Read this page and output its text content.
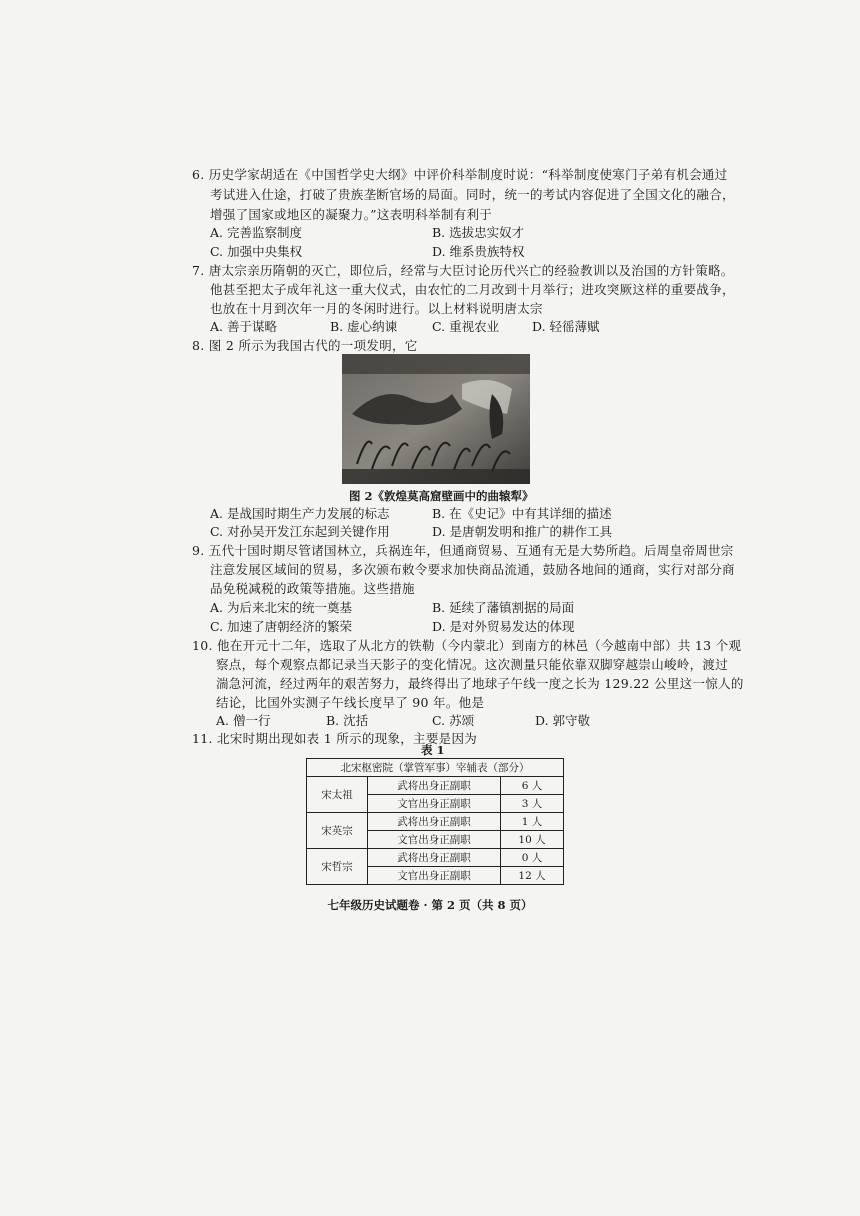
6. 历史学家胡适在《中国哲学史大纲》中评价科举制度时说：“科举制度使寒门子弟有机会通过
考试进入仕途，打破了贵族垄断官场的局面。同时，统一的考试内容促进了全国文化的融合，
增强了国家或地区的凝聚力。”这表明科举制有利于
A. 完善监察制度	B. 选拔忠实奴才
C. 加强中央集权	D. 维系贵族特权
7. 唐太宗亲历隋朝的灭亡，即位后，经常与大臣讨论历代兴亡的经验教训以及治国的方针策略。
他甚至把太子成年礼这一重大仪式，由农忙的二月改到十月举行；进攻突厥这样的重要战争，
也放在十月到次年一月的冬闲时进行。以上材料说明唐太宗
A. 善于谋略	B. 虚心纳谏	C. 重视农业	D. 轻徭薄赋
8. 图 2 所示为我国古代的一项发明，它
图 2《敦煌莫高窟壁画中的曲辕犁》
A. 是战国时期生产力发展的标志	B. 在《史记》中有其详细的描述
C. 对孙吴开发江东起到关键作用	D. 是唐朝发明和推广的耕作工具
9. 五代十国时期尽管诸国林立，兵祸连年，但通商贸易、互通有无是大势所趋。后周皇帝周世宗
注意发展区域间的贸易，多次颁布敕令要求加快商品流通，鼓励各地间的通商，实行对部分商
品免税减税的政策等措施。这些措施
A. 为后来北宋的统一奠基	B. 延续了藩镇割据的局面
C. 加速了唐朝经济的繁荣	D. 是对外贸易发达的体现
10. 他在开元十二年，选取了从北方的铁勒（今内蒙北）到南方的林邑（今越南中部）共 13 个观
察点，每个观察点都记录当天影子的变化情况。这次测量只能依靠双脚穿越崇山峻岭，渡过
湍急河流，经过两年的艰苦努力，最终得出了地球子午线一度之长为 129.22 公里这一惊人的
结论，比国外实测子午线长度早了 90 年。他是
A. 僧一行	B. 沈括	C. 苏颂	D. 郭守敬
11. 北宋时期出现如表 1 所示的现象，主要是因为
表 1
北宋枢密院（掌管军事）宰辅表（部分）		
宋太祖	武将出身正副职	6 人
	文官出身正副职	3 人
宋英宗	武将出身正副职	1 人
	文官出身正副职	10 人
宋哲宗	武将出身正副职	0 人
	文官出身正副职	12 人
七年级历史试题卷 · 第 2 页（共 8 页）
